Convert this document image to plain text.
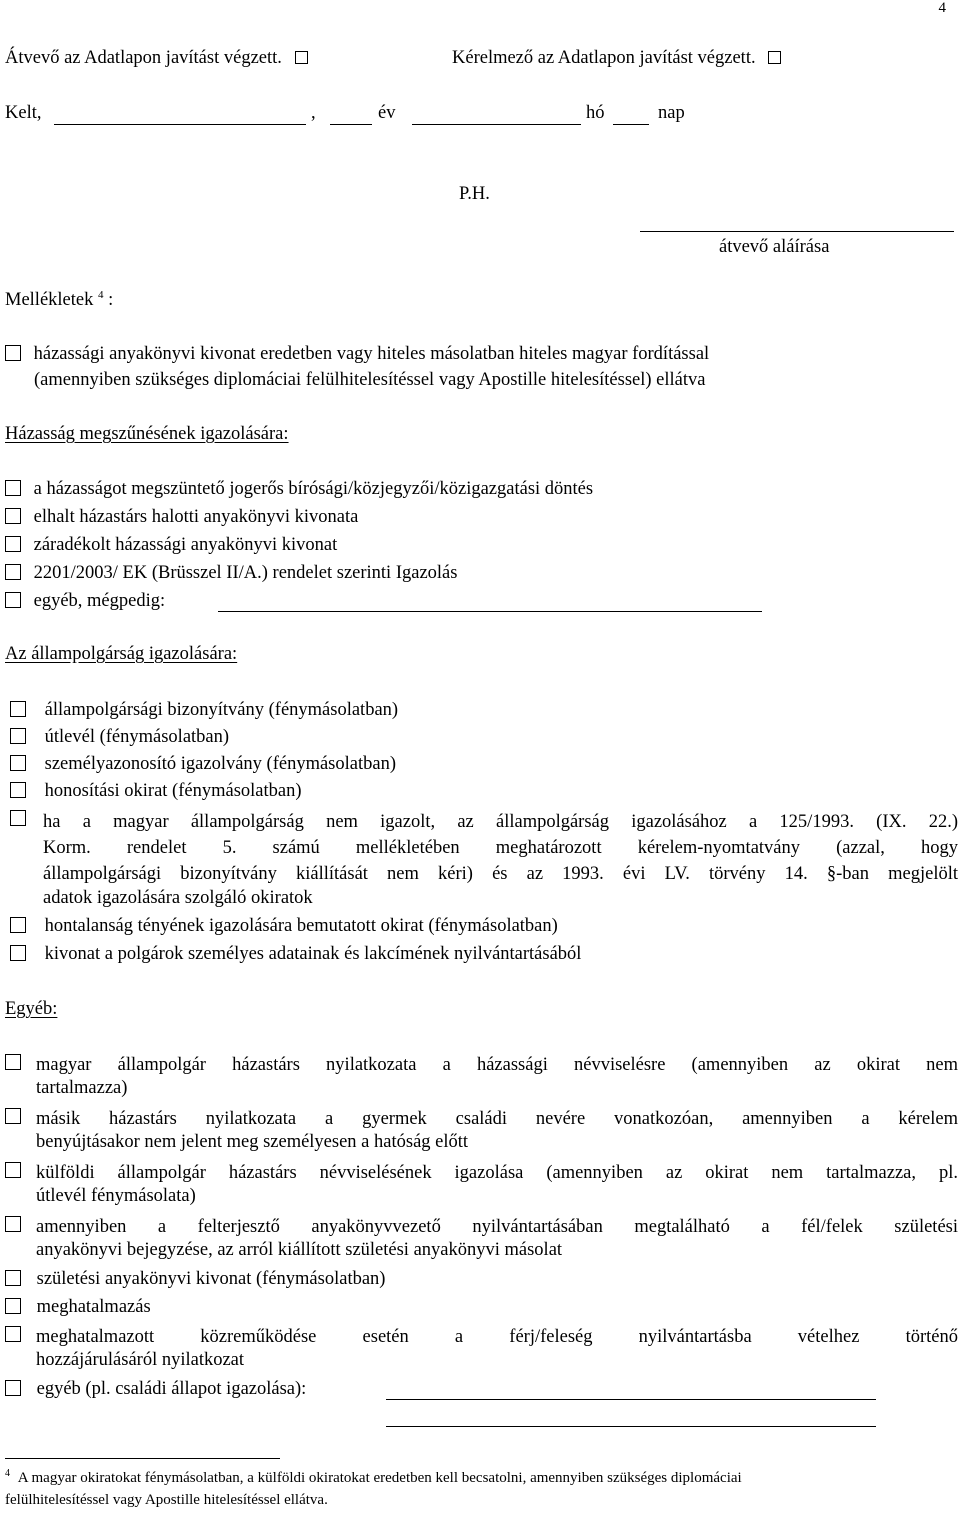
4
Átvevő az Adatlapon javítást végzett.	Kérelmező az Adatlapon javítást végzett.
Kelt,	,	év	hó	nap
P.H.
átvevő aláírása
Mellékletek $^4$ :
házassági anyakönyvi kivonat eredetben vagy hiteles másolatban hiteles magyar fordítással
(amennyiben szükséges diplomáciai felülhitelesítéssel vagy Apostille hitelesítéssel) ellátva
Házasság megszűnésének igazolására:
a házasságot megszüntető jogerős bírósági/közjegyzői/közigazgatási döntés
elhalt házastárs halotti anyakönyvi kivonata
záradékolt házassági anyakönyvi kivonat
2201/2003/ EK (Brüsszel II/A.) rendelet szerinti Igazolás
egyéb, mégpedig:
Az állampolgárság igazolására:
állampolgársági bizonyítvány (fénymásolatban)
útlevél (fénymásolatban)
személyazonosító igazolvány (fénymásolatban)
honosítási okirat (fénymásolatban)
ha a magyar állampolgárság nem igazolt, az állampolgárság igazolásához a 125/1993. (IX. 22.)
Korm. rendelet 5. számú mellékletében meghatározott kérelem-nyomtatvány (azzal, hogy
állampolgársági bizonyítvány kiállítását nem kéri) és az 1993. évi LV. törvény 14. §-ban megjelölt
adatok igazolására szolgáló okiratok
hontalanság tényének igazolására bemutatott okirat (fénymásolatban)
kivonat a polgárok személyes adatainak és lakcímének nyilvántartásából
Egyéb:
magyar állampolgár házastárs nyilatkozata a házassági névviselésre (amennyiben az okirat nem
tartalmazza)
másik házastárs nyilatkozata a gyermek családi nevére vonatkozóan, amennyiben a kérelem
benyújtásakor nem jelent meg személyesen a hatóság előtt
külföldi állampolgár házastárs névviselésének igazolása (amennyiben az okirat nem tartalmazza, pl.
útlevél fénymásolata)
amennyiben a felterjesztő anyakönyvvezető nyilvántartásában megtalálható a fél/felek születési
anyakönyvi bejegyzése, az arról kiállított születési anyakönyvi másolat
születési anyakönyvi kivonat (fénymásolatban)
meghatalmazás
meghatalmazott közreműködése esetén a férj/feleség nyilvántartásba vételhez történő
hozzájárulásáról nyilatkozat
egyéb (pl. családi állapot igazolása):
$^4$ A magyar okiratokat fénymásolatban, a külföldi okiratokat eredetben kell becsatolni, amennyiben szükséges diplomáciai
felülhitelesítéssel vagy Apostille hitelesítéssel ellátva.
